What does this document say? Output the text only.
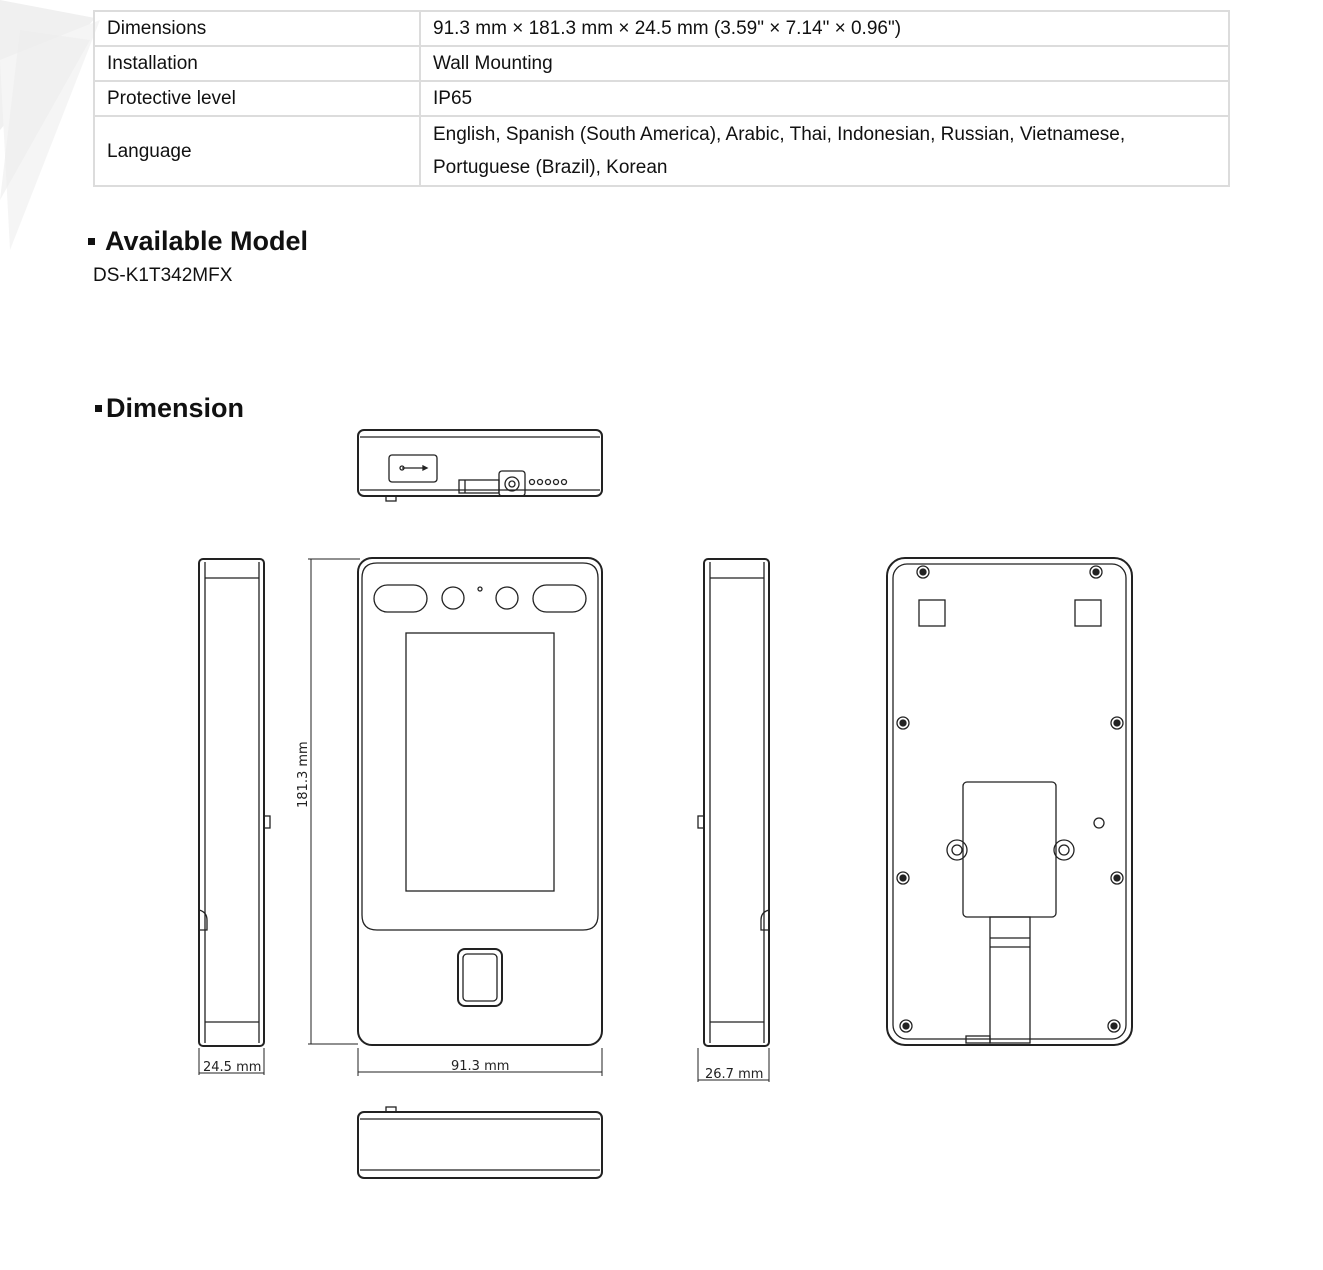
Dimensions	91.3 mm × 181.3 mm × 24.5 mm (3.59" × 7.14" × 0.96")
Installation	Wall Mounting
Protective level	IP65
Language	English, Spanish (South America), Arabic, Thai, Indonesian, Russian, Vietnamese, Portuguese (Brazil), Korean
Available Model
DS-K1T342MFX
Dimension
181.3 mm
91.3 mm
24.5 mm	26.7 mm
